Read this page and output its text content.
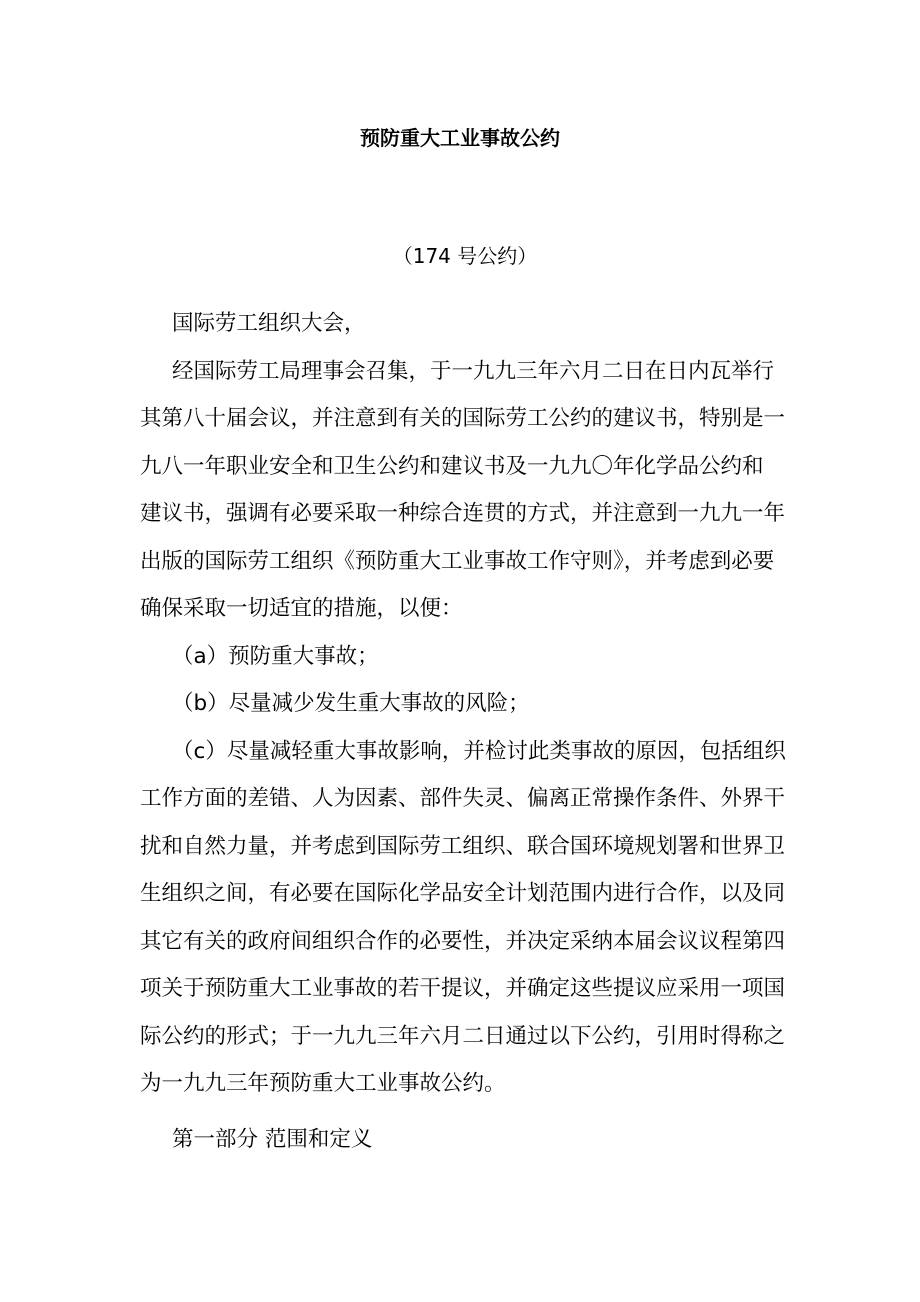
预防重大工业事故公约
（174 号公约）
国际劳工组织大会，
经国际劳工局理事会召集，于一九九三年六月二日在日内瓦举行
其第八十届会议，并注意到有关的国际劳工公约的建议书，特别是一
九八一年职业安全和卫生公约和建议书及一九九〇年化学品公约和
建议书，强调有必要采取一种综合连贯的方式，并注意到一九九一年
出版的国际劳工组织《预防重大工业事故工作守则》，并考虑到必要
确保采取一切适宜的措施，以便：
（a）预防重大事故；
（b）尽量减少发生重大事故的风险；
（c）尽量减轻重大事故影响，并检讨此类事故的原因，包括组织
工作方面的差错、人为因素、部件失灵、偏离正常操作条件、外界干
扰和自然力量，并考虑到国际劳工组织、联合国环境规划署和世界卫
生组织之间，有必要在国际化学品安全计划范围内进行合作，以及同
其它有关的政府间组织合作的必要性，并决定采纳本届会议议程第四
项关于预防重大工业事故的若干提议，并确定这些提议应采用一项国
际公约的形式；于一九九三年六月二日通过以下公约，引用时得称之
为一九九三年预防重大工业事故公约。
第一部分 范围和定义
